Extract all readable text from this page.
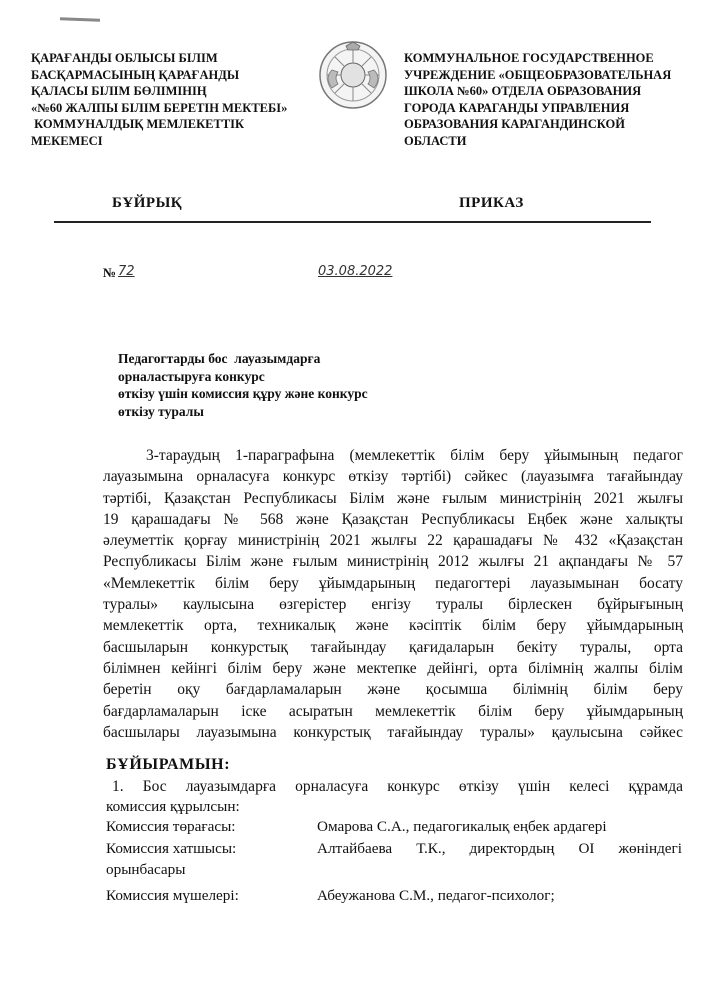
ҚАРАҒАНДЫ ОБЛЫСЫ БІЛІМ
БАСҚАРМАСЫНЫҢ ҚАРАҒАНДЫ
ҚАЛАСЫ БІЛІМ БӨЛІМІНІҢ
«№60 ЖАЛПЫ БІЛІМ БЕРЕТІН МЕКТЕБІ»
КОММУНАЛДЫҚ МЕМЛЕКЕТТІК
МЕКЕМЕСІ
КОММУНАЛЬНОЕ ГОСУДАРСТВЕННОЕ
УЧРЕЖДЕНИЕ «ОБЩЕОБРАЗОВАТЕЛЬНАЯ
ШКОЛА №60» ОТДЕЛА ОБРАЗОВАНИЯ
ГОРОДА КАРАГАНДЫ УПРАВЛЕНИЯ
ОБРАЗОВАНИЯ КАРАГАНДИНСКОЙ
ОБЛАСТИ
БҰЙРЫҚ	ПРИКАЗ
№ 72	03.08.2022
Педагогтарды бос  лауазымдарға
орналастыруға конкурс
өткізу үшін комиссия құру және конкурс
өткізу туралы

3-тараудың 1-параграфына (мемлекеттік білім беру ұйымының педагог

лауазымына орналасуға конкурс өткізу тәртібі) сәйкес (лауазымға тағайындау

тәртібі, Қазақстан Республикасы Білім және ғылым министрінің 2021 жылғы

19 қарашадағы № 568 және Қазақстан Республикасы Еңбек және халықты

әлеуметтік қорғау министрінің 2021 жылғы 22 қарашадағы № 432 «Қазақстан

Республикасы Білім және ғылым министрінің 2012 жылғы 21 ақпандағы № 57

«Мемлекеттік білім беру ұйымдарының педагогтері лауазымынан босату

туралы» каулысына өзгерістер енгізу туралы бірлескен бұйрығының

мемлекеттік орта, техникалық және кәсіптік білім беру ұйымдарының

басшыларын конкурстық тағайындау қағидаларын бекіту туралы, орта

білімнен кейінгі білім беру және мектепке дейінгі, орта білімнің жалпы білім

беретін оқу бағдарламаларын және қосымша білімнің білім беру

бағдарламаларын іске асыратын мемлекеттік білім беру ұйымдарының

басшылары лауазымына конкурстық тағайындау туралы» қаулысына сәйкес

БҰЙЫРАМЫН:

1. Бос лауазымдарға орналасуға конкурс өткізу үшін келесі құрамда

комиссия құрылсын:
Комиссия төрағасы:	Омарова С.А., педагогикалық еңбек ардагері
Комиссия хатшысы:	Алтайбаева Т.К., директордың ОІ жөніндегі
орынбасары
Комиссия мүшелері:	Абеужанова С.М., педагог-психолог;
